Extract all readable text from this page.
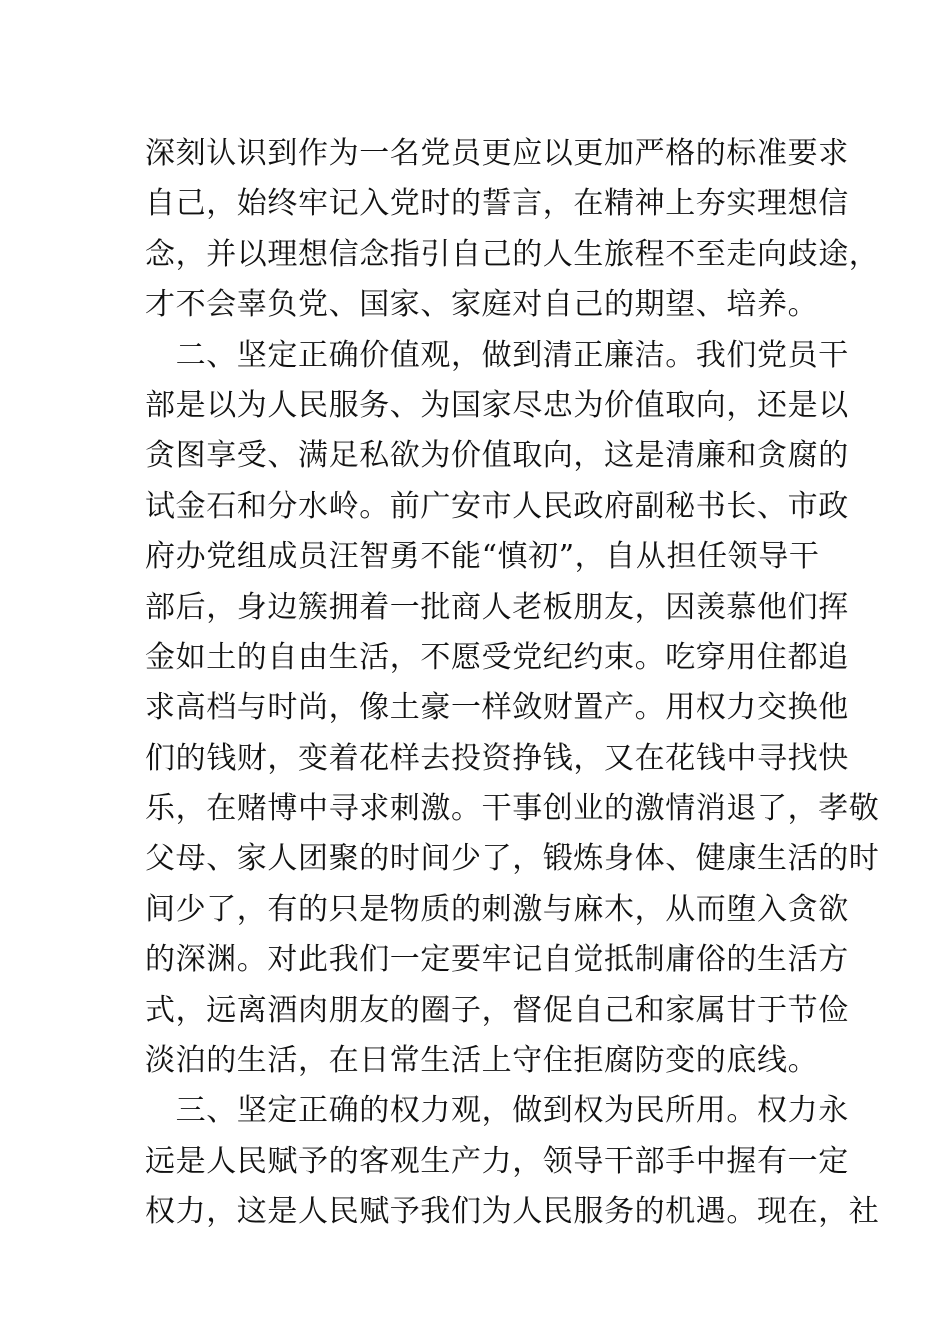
深刻认识到作为一名党员更应以更加严格的标准要求
自己，始终牢记入党时的誓言，在精神上夯实理想信
念，并以理想信念指引自己的人生旅程不至走向歧途，
才不会辜负党、国家、家庭对自己的期望、培养。
　二、坚定正确价值观，做到清正廉洁。我们党员干
部是以为人民服务、为国家尽忠为价值取向，还是以
贪图享受、满足私欲为价值取向，这是清廉和贪腐的
试金石和分水岭。前广安市人民政府副秘书长、市政
府办党组成员汪智勇不能“慎初”，自从担任领导干
部后，身边簇拥着一批商人老板朋友，因羡慕他们挥
金如土的自由生活，不愿受党纪约束。吃穿用住都追
求高档与时尚，像土豪一样敛财置产。用权力交换他
们的钱财，变着花样去投资挣钱，又在花钱中寻找快
乐，在赌博中寻求刺激。干事创业的激情消退了，孝敬
父母、家人团聚的时间少了，锻炼身体、健康生活的时
间少了，有的只是物质的刺激与麻木，从而堕入贪欲
的深渊。对此我们一定要牢记自觉抵制庸俗的生活方
式，远离酒肉朋友的圈子，督促自己和家属甘于节俭
淡泊的生活，在日常生活上守住拒腐防变的底线。
　三、坚定正确的权力观，做到权为民所用。权力永
远是人民赋予的客观生产力，领导干部手中握有一定
权力，这是人民赋予我们为人民服务的机遇。现在，社
